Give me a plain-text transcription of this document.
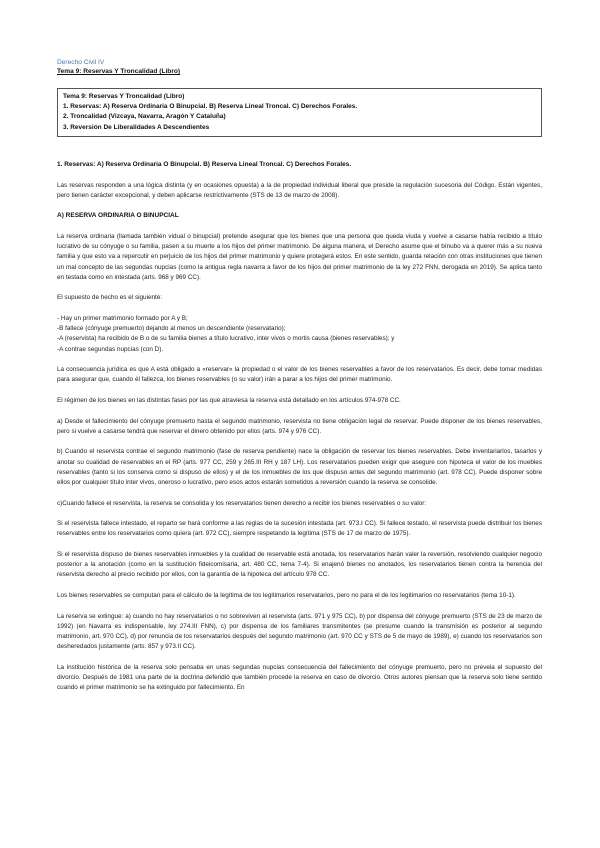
Derecho Civil IV
Tema 9: Reservas Y Troncalidad (Libro)
Tema 9: Reservas Y Troncalidad (Libro)
1. Reservas: A) Reserva Ordinaria O Binupcial. B) Reserva Lineal Troncal. C) Derechos Forales.
2. Troncalidad (Vizcaya, Navarra, Aragón Y Cataluña)
3. Reversión De Liberalidades A Descendientes
1. Reservas: A) Reserva Ordinaria O Binupcial. B) Reserva Lineal Troncal. C) Derechos Forales.
Las reservas responden a una lógica distinta (y en ocasiones opuesta) a la de propiedad individual liberal que preside la regulación sucesoria del Código. Están vigentes, pero tienen carácter excepcional, y deben aplicarse restrictivamente (STS de 13 de marzo de 2008).
A) RESERVA ORDINARIA O BINUPCIAL
La reserva ordinaria (llamada también vidual o binupcial) pretende asegurar que los bienes que una persona que queda viuda y vuelve a casarse había recibido a título lucrativo de su cónyuge o su familia, pasen a su muerte a los hijos del primer matrimonio. De alguna manera, el Derecho asume que el bínubo va a querer más a su nueva familia y que esto va a repercutir en perjuicio de los hijos del primer matrimonio y quiere protegerá estos. En este sentido, guarda relación con otras instituciones que tienen un mal concepto de las segundas nupcias (como la antigua regla navarra a favor de los hijos del primer matrimonio de la ley 272 FNN, derogada en 2019). Se aplica tanto en testada como en intestada (arts. 968 y 969 CC).
El supuesto de hecho es el siguiente:
- Hay un primer matrimonio formado por A y B;
-B fallece (cónyuge premuerto) dejando al menos un descendiente (reservatario);
-A (reservista) ha recibido de B o de su familia bienes a título lucrativo, inter vivos o mortis causa (bienes reservables); y
-A contrae segundas nupcias (con D).
La consecuencia jurídica es que A está obligado a «reservar» la propiedad o el valor de los bienes reservables a favor de los reservatarios. Es decir, debe tomar medidas para asegurar que, cuando él fallezca, los bienes reservables (o su valor) irán a parar a los hijos del primer matrimonio.
El régimen de los bienes en las distintas fases por las que atraviesa la reserva está detallado en los artículos 974-978 CC.
a) Desde el fallecimiento del cónyuge premuerto hasta el segundo matrimonio, reservista no tiene obligación legal de reservar. Puede disponer de los bienes reservables, pero si vuelve a casarse tendrá que reservar el dinero obtenido por ellos (arts. 974 y 976 CC).
b) Cuando el reservista contrae el segundo matrimonio (fase de reserva pendiente) nace la obligación de reservar los bienes reservables. Debe inventariarlos, tasarlos y anotar su cualidad de reservables en el RP (arts. 977 CC, 259 y 265.III RH y 187 LH). Los reservatarios pueden exigir que asegure con hipoteca el valor de los muebles reservables (tanto si los conserva como si dispuso de ellos) y el de los inmuebles de los que dispuso antes del segundo matrimonio (art. 978 CC). Puede disponer sobre ellos por cualquier título inter vivos, oneroso o lucrativo, pero esos actos estarán sometidos a reversión cuando la reserva se consolide.
c)Cuando fallece el reservista, la reserva se consolida y los reservatarios tienen derecho a recibir los bienes reservables o su valor:
Si el reservista fallece intestado, el reparto se hará conforme a las reglas de la sucesión intestada (art. 973.I CC). Si fallece testado, el reservista puede distribuir los bienes reservables entre los reservatarios como quiera (art. 972 CC), siempre respetando la legítima (STS de 17 de marzo de 1975).
Si el reservista dispuso de bienes reservables inmuebles y la cualidad de reservable está anotada, los reservatarios harán valer la reversión, resolviendo cualquier negocio posterior a la anotación (como en la sustitución fideicomisaria, art. 480 CC, tema 7-4). Si enajenó bienes no anotados, los reservatarios tienen contra la herencia del reservista derecho al precio recibido por ellos, con la garantía de la hipoteca del artículo 978 CC.
Los bienes reservables se computan para el cálculo de la legítima de los legitimarios reservatarios, pero no para el de los legitimarios no reservatarios (tema 10-1).
La reserva se extingue: a) cuando no hay reservatarios o no sobreviven al reservista (arts. 971 y 975 CC), b) por dispensa del cónyuge premuerto (STS de 23 de marzo de 1992) (en Navarra es indispensable, ley 274.III FNN), c) por dispensa de los familiares transmitentes (se presume cuando la transmisión es posterior al segundo matrimonio, art. 970 CC), d) por renuncia de los reservatarios después del segundo matrimonio (art. 970 CC y STS de 5 de mayo de 1989), e) cuando los reservatarios son desheredados justamente (arts. 857 y 973.II CC).
La institución histórica de la reserva solo pensaba en unas segundas nupcias consecuencia del fallecimiento del cónyuge premuerto, pero no prevela el supuesto del divorcio. Después de 1981 una parte de la doctrina defendió que también procede la reserva en caso de divorcio. Otros autores piensan que la reserva solo tiene sentido cuando el primer matrimonio se ha extinguido por fallecimiento. En
